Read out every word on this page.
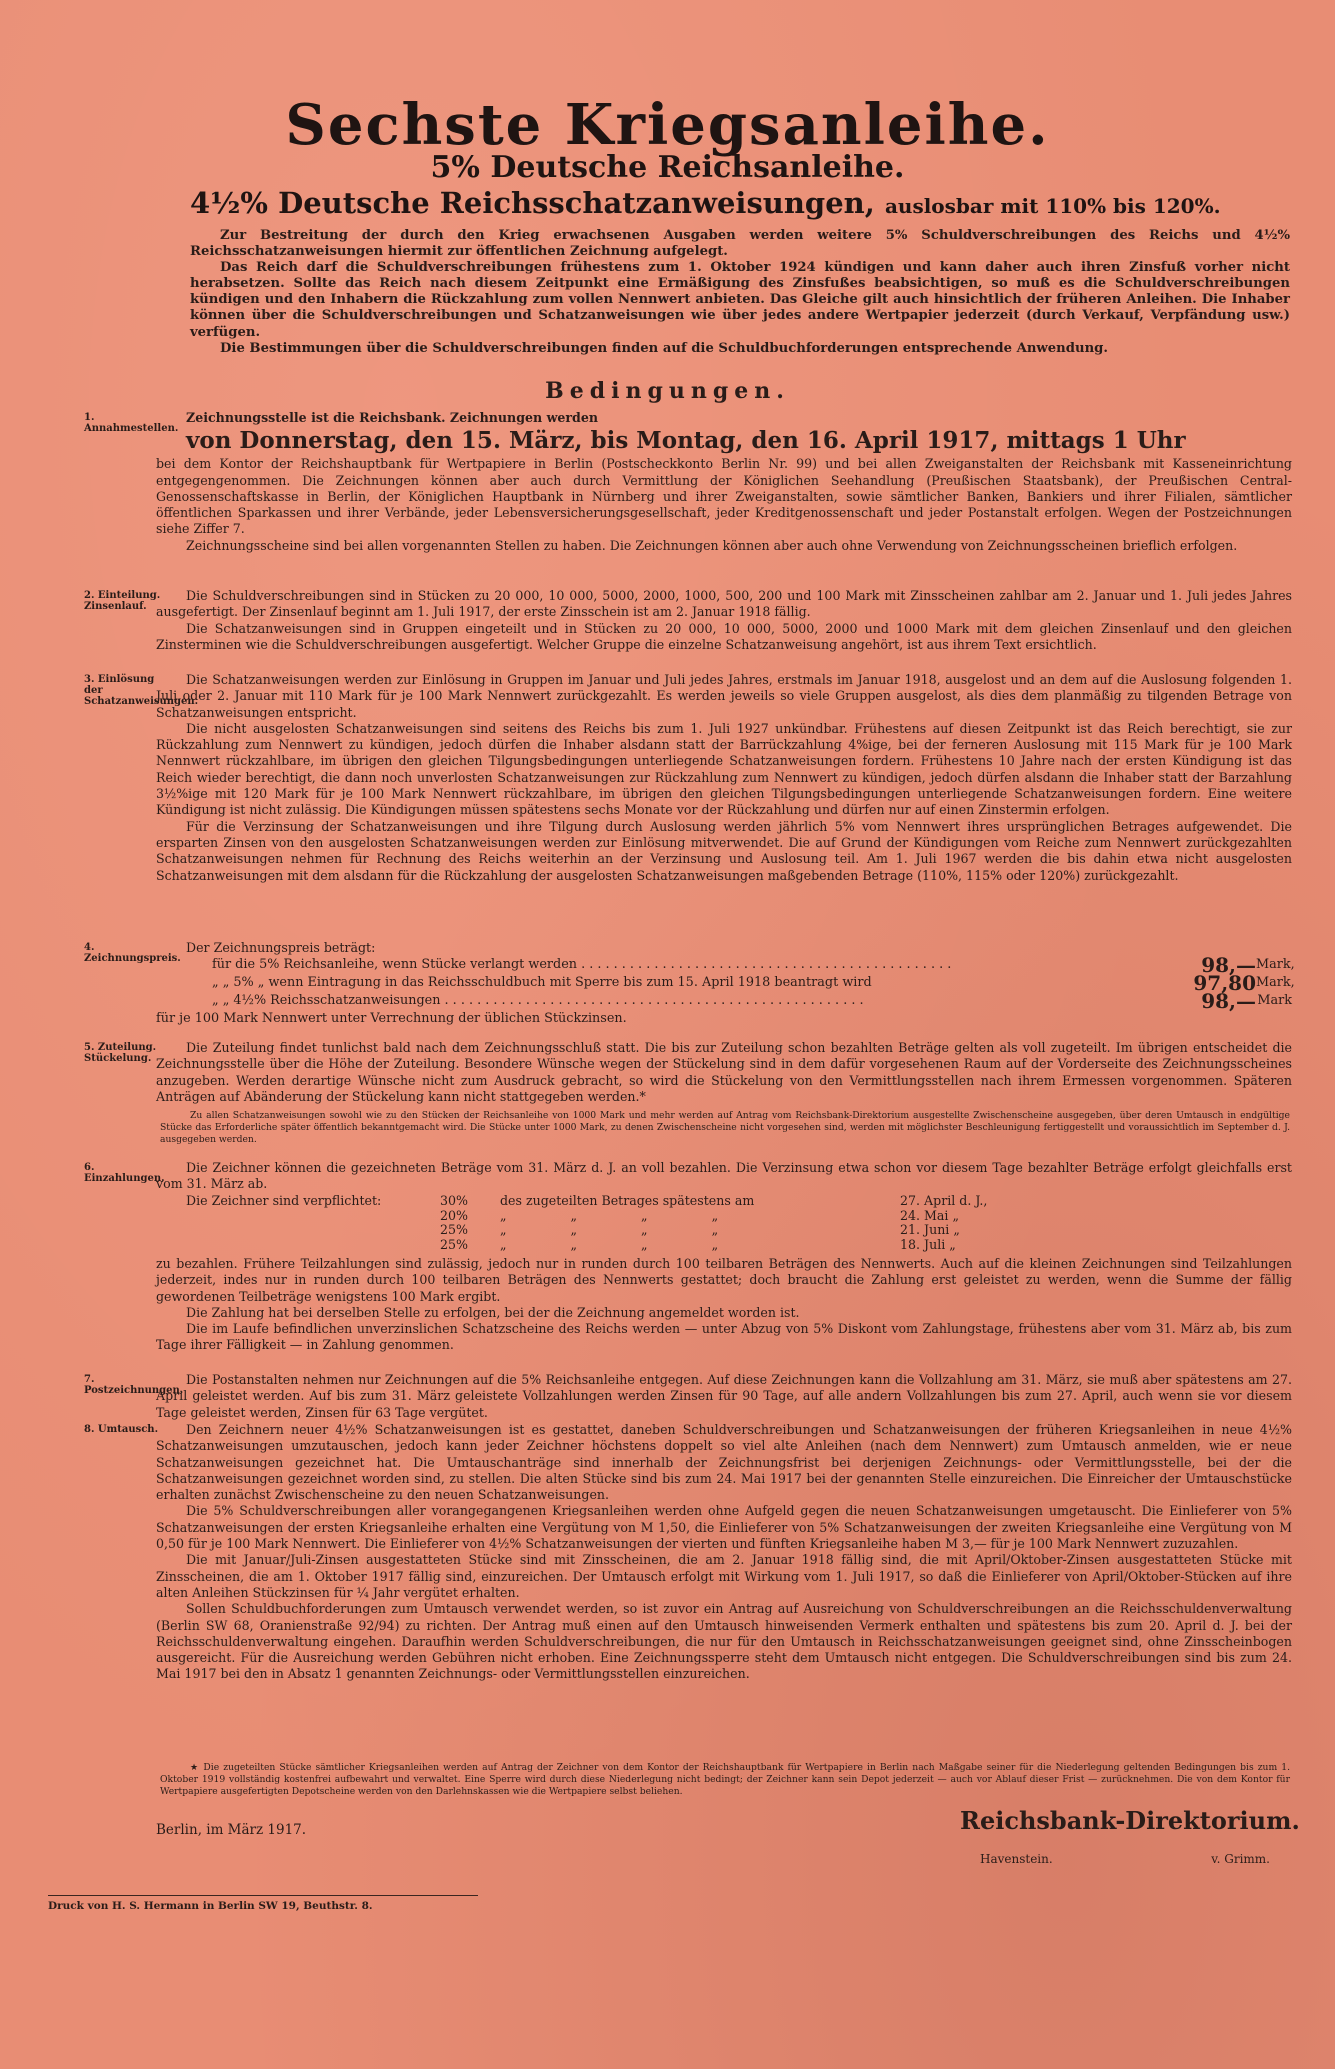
Sechste Kriegsanleihe.
5% Deutsche Reichsanleihe.
4½% Deutsche Reichsschatzanweisungen, auslosbar mit 110% bis 120%.

Zur Bestreitung der durch den Krieg erwachsenen Ausgaben werden weitere 5% Schuldverschreibungen des Reichs und 4½% Reichsschatzanweisungen hiermit zur öffentlichen Zeichnung aufgelegt.

Das Reich darf die Schuldverschreibungen frühestens zum 1. Oktober 1924 kündigen und kann daher auch ihren Zinsfuß vorher nicht herabsetzen. Sollte das Reich nach diesem Zeitpunkt eine Ermäßigung des Zinsfußes beabsichtigen, so muß es die Schuldverschreibungen kündigen und den Inhabern die Rückzahlung zum vollen Nennwert anbieten. Das Gleiche gilt auch hinsichtlich der früheren Anleihen. Die Inhaber können über die Schuldverschreibungen und Schatzanweisungen wie über jedes andere Wertpapier jederzeit (durch Verkauf, Verpfändung usw.) verfügen.

Die Bestimmungen über die Schuldverschreibungen finden auf die Schuldbuchforderungen entsprechende Anwendung.

Bedingungen.
1. Annahmestellen.

Zeichnungsstelle ist die Reichsbank. Zeichnungen werden

von Donnerstag, den 15. März, bis Montag, den 16. April 1917, mittags 1 Uhr

bei dem Kontor der Reichshauptbank für Wertpapiere in Berlin (Postscheckkonto Berlin Nr. 99) und bei allen Zweiganstalten der Reichsbank mit Kasseneinrichtung entgegengenommen. Die Zeichnungen können aber auch durch Vermittlung der Königlichen Seehandlung (Preußischen Staatsbank), der Preußischen Central-Genossenschaftskasse in Berlin, der Königlichen Hauptbank in Nürnberg und ihrer Zweiganstalten, sowie sämtlicher Banken, Bankiers und ihrer Filialen, sämtlicher öffentlichen Sparkassen und ihrer Verbände, jeder Lebensversicherungsgesellschaft, jeder Kreditgenossenschaft und jeder Postanstalt erfolgen. Wegen der Postzeichnungen siehe Ziffer 7.

Zeichnungsscheine sind bei allen vorgenannten Stellen zu haben. Die Zeichnungen können aber auch ohne Verwendung von Zeichnungsscheinen brieflich erfolgen.

2. Einteilung. Zinsenlauf.

Die Schuldverschreibungen sind in Stücken zu 20 000, 10 000, 5000, 2000, 1000, 500, 200 und 100 Mark mit Zinsscheinen zahlbar am 2. Januar und 1. Juli jedes Jahres ausgefertigt. Der Zinsenlauf beginnt am 1. Juli 1917, der erste Zinsschein ist am 2. Januar 1918 fällig.

Die Schatzanweisungen sind in Gruppen eingeteilt und in Stücken zu 20 000, 10 000, 5000, 2000 und 1000 Mark mit dem gleichen Zinsenlauf und den gleichen Zinsterminen wie die Schuldverschreibungen ausgefertigt. Welcher Gruppe die einzelne Schatzanweisung angehört, ist aus ihrem Text ersichtlich.

3. Einlösung der Schatzanweisungen.

Die Schatzanweisungen werden zur Einlösung in Gruppen im Januar und Juli jedes Jahres, erstmals im Januar 1918, ausgelost und an dem auf die Auslosung folgenden 1. Juli oder 2. Januar mit 110 Mark für je 100 Mark Nennwert zurückgezahlt. Es werden jeweils so viele Gruppen ausgelost, als dies dem planmäßig zu tilgenden Betrage von Schatzanweisungen entspricht.

Die nicht ausgelosten Schatzanweisungen sind seitens des Reichs bis zum 1. Juli 1927 unkündbar. Frühestens auf diesen Zeitpunkt ist das Reich berechtigt, sie zur Rückzahlung zum Nennwert zu kündigen, jedoch dürfen die Inhaber alsdann statt der Barrückzahlung 4%ige, bei der ferneren Auslosung mit 115 Mark für je 100 Mark Nennwert rückzahlbare, im übrigen den gleichen Tilgungsbedingungen unterliegende Schatzanweisungen fordern. Frühestens 10 Jahre nach der ersten Kündigung ist das Reich wieder berechtigt, die dann noch unverlosten Schatzanweisungen zur Rückzahlung zum Nennwert zu kündigen, jedoch dürfen alsdann die Inhaber statt der Barzahlung 3½%ige mit 120 Mark für je 100 Mark Nennwert rückzahlbare, im übrigen den gleichen Tilgungsbedingungen unterliegende Schatzanweisungen fordern. Eine weitere Kündigung ist nicht zulässig. Die Kündigungen müssen spätestens sechs Monate vor der Rückzahlung und dürfen nur auf einen Zinstermin erfolgen.

Für die Verzinsung der Schatzanweisungen und ihre Tilgung durch Auslosung werden jährlich 5% vom Nennwert ihres ursprünglichen Betrages aufgewendet. Die ersparten Zinsen von den ausgelosten Schatzanweisungen werden zur Einlösung mitverwendet. Die auf Grund der Kündigungen vom Reiche zum Nennwert zurückgezahlten Schatzanweisungen nehmen für Rechnung des Reichs weiterhin an der Verzinsung und Auslosung teil. Am 1. Juli 1967 werden die bis dahin etwa nicht ausgelosten Schatzanweisungen mit dem alsdann für die Rückzahlung der ausgelosten Schatzanweisungen maßgebenden Betrage (110%, 115% oder 120%) zurückgezahlt.

4. Zeichnungspreis.

Der Zeichnungspreis beträgt:

für die 5% Reichsanleihe, wenn Stücke verlangt werden . . . . . . . . . . . . . . . . . . . . . . . . . . . . . . . . . . . . . . . . . . . . . .	98,— Mark,
„ „ 5% „ wenn Eintragung in das Reichsschuldbuch mit Sperre bis zum 15. April 1918 beantragt wird	97,80 Mark,
„ „ 4½% Reichsschatzanweisungen . . . . . . . . . . . . . . . . . . . . . . . . . . . . . . . . . . . . . . . . . . . . . . . . . . . .	98,— Mark
für je 100 Mark Nennwert unter Verrechnung der üblichen Stückzinsen.
5. Zuteilung. Stückelung.

Die Zuteilung findet tunlichst bald nach dem Zeichnungsschluß statt. Die bis zur Zuteilung schon bezahlten Beträge gelten als voll zugeteilt. Im übrigen entscheidet die Zeichnungsstelle über die Höhe der Zuteilung. Besondere Wünsche wegen der Stückelung sind in dem dafür vorgesehenen Raum auf der Vorderseite des Zeichnungsscheines anzugeben. Werden derartige Wünsche nicht zum Ausdruck gebracht, so wird die Stückelung von den Vermittlungsstellen nach ihrem Ermessen vorgenommen. Späteren Anträgen auf Abänderung der Stückelung kann nicht stattgegeben werden.*

Zu allen Schatzanweisungen sowohl wie zu den Stücken der Reichsanleihe von 1000 Mark und mehr werden auf Antrag vom Reichsbank-Direktorium ausgestellte Zwischenscheine ausgegeben, über deren Umtausch in endgültige Stücke das Erforderliche später öffentlich bekanntgemacht wird. Die Stücke unter 1000 Mark, zu denen Zwischenscheine nicht vorgesehen sind, werden mit möglichster Beschleunigung fertiggestellt und voraussichtlich im September d. J. ausgegeben werden.

6. Einzahlungen.

Die Zeichner können die gezeichneten Beträge vom 31. März d. J. an voll bezahlen. Die Verzinsung etwa schon vor diesem Tage bezahlter Beträge erfolgt gleichfalls erst vom 31. März ab.

Die Zeichner sind verpflichtet:	30%	des zugeteilten Betrages spätestens am	27. April d. J.,
20%	„ „ „ „	24. Mai „
25%	„ „ „ „	21. Juni „
25%	„ „ „ „	18. Juli „

zu bezahlen. Frühere Teilzahlungen sind zulässig, jedoch nur in runden durch 100 teilbaren Beträgen des Nennwerts. Auch auf die kleinen Zeichnungen sind Teilzahlungen jederzeit, indes nur in runden durch 100 teilbaren Beträgen des Nennwerts gestattet; doch braucht die Zahlung erst geleistet zu werden, wenn die Summe der fällig gewordenen Teilbeträge wenigstens 100 Mark ergibt.

Die Zahlung hat bei derselben Stelle zu erfolgen, bei der die Zeichnung angemeldet worden ist.

Die im Laufe befindlichen unverzinslichen Schatzscheine des Reichs werden — unter Abzug von 5% Diskont vom Zahlungstage, frühestens aber vom 31. März ab, bis zum Tage ihrer Fälligkeit — in Zahlung genommen.

7. Postzeichnungen.

Die Postanstalten nehmen nur Zeichnungen auf die 5% Reichsanleihe entgegen. Auf diese Zeichnungen kann die Vollzahlung am 31. März, sie muß aber spätestens am 27. April geleistet werden. Auf bis zum 31. März geleistete Vollzahlungen werden Zinsen für 90 Tage, auf alle andern Vollzahlungen bis zum 27. April, auch wenn sie vor diesem Tage geleistet werden, Zinsen für 63 Tage vergütet.

8. Umtausch.	Den Zeichnern neuer 4½% Schatzanweisungen ist es gestattet, daneben Schuldverschreibungen und Schatzanweisungen der früheren Kriegsanleihen in neue 4½% Schatzanweisungen umzutauschen, jedoch kann jeder Zeichner höchstens doppelt so viel alte Anleihen (nach dem Nennwert) zum Umtausch anmelden, wie er neue Schatzanweisungen gezeichnet hat. Die Umtauschanträge sind innerhalb der Zeichnungsfrist bei derjenigen Zeichnungs- oder Vermittlungsstelle, bei der die Schatzanweisungen gezeichnet worden sind, zu stellen. Die alten Stücke sind bis zum 24. Mai 1917 bei der genannten Stelle einzureichen. Die Einreicher der Umtauschstücke erhalten zunächst Zwischenscheine zu den neuen Schatzanweisungen.

Die 5% Schuldverschreibungen aller vorangegangenen Kriegsanleihen werden ohne Aufgeld gegen die neuen Schatzanweisungen umgetauscht. Die Einlieferer von 5% Schatzanweisungen der ersten Kriegsanleihe erhalten eine Vergütung von M 1,50, die Einlieferer von 5% Schatzanweisungen der zweiten Kriegsanleihe eine Vergütung von M 0,50 für je 100 Mark Nennwert. Die Einlieferer von 4½% Schatzanweisungen der vierten und fünften Kriegsanleihe haben M 3,— für je 100 Mark Nennwert zuzuzahlen.

Die mit Januar/Juli-Zinsen ausgestatteten Stücke sind mit Zinsscheinen, die am 2. Januar 1918 fällig sind, die mit April/Oktober-Zinsen ausgestatteten Stücke mit Zinsscheinen, die am 1. Oktober 1917 fällig sind, einzureichen. Der Umtausch erfolgt mit Wirkung vom 1. Juli 1917, so daß die Einlieferer von April/Oktober-Stücken auf ihre alten Anleihen Stückzinsen für ¼ Jahr vergütet erhalten.

Sollen Schuldbuchforderungen zum Umtausch verwendet werden, so ist zuvor ein Antrag auf Ausreichung von Schuldverschreibungen an die Reichsschuldenverwaltung (Berlin SW 68, Oranienstraße 92/94) zu richten. Der Antrag muß einen auf den Umtausch hinweisenden Vermerk enthalten und spätestens bis zum 20. April d. J. bei der Reichsschuldenverwaltung eingehen. Daraufhin werden Schuldverschreibungen, die nur für den Umtausch in Reichsschatzanweisungen geeignet sind, ohne Zinsscheinbogen ausgereicht. Für die Ausreichung werden Gebühren nicht erhoben. Eine Zeichnungssperre steht dem Umtausch nicht entgegen. Die Schuldverschreibungen sind bis zum 24. Mai 1917 bei den in Absatz 1 genannten Zeichnungs- oder Vermittlungsstellen einzureichen.

★ Die zugeteilten Stücke sämtlicher Kriegsanleihen werden auf Antrag der Zeichner von dem Kontor der Reichshauptbank für Wertpapiere in Berlin nach Maßgabe seiner für die Niederlegung geltenden Bedingungen bis zum 1. Oktober 1919 vollständig kostenfrei aufbewahrt und verwaltet. Eine Sperre wird durch diese Niederlegung nicht bedingt; der Zeichner kann sein Depot jederzeit — auch vor Ablauf dieser Frist — zurücknehmen. Die von dem Kontor für Wertpapiere ausgefertigten Depotscheine werden von den Darlehnskassen wie die Wertpapiere selbst beliehen.

Berlin, im März 1917.	Reichsbank-Direktorium.
Havenstein.	v. Grimm.
Druck von H. S. Hermann in Berlin SW 19, Beuthstr. 8.
